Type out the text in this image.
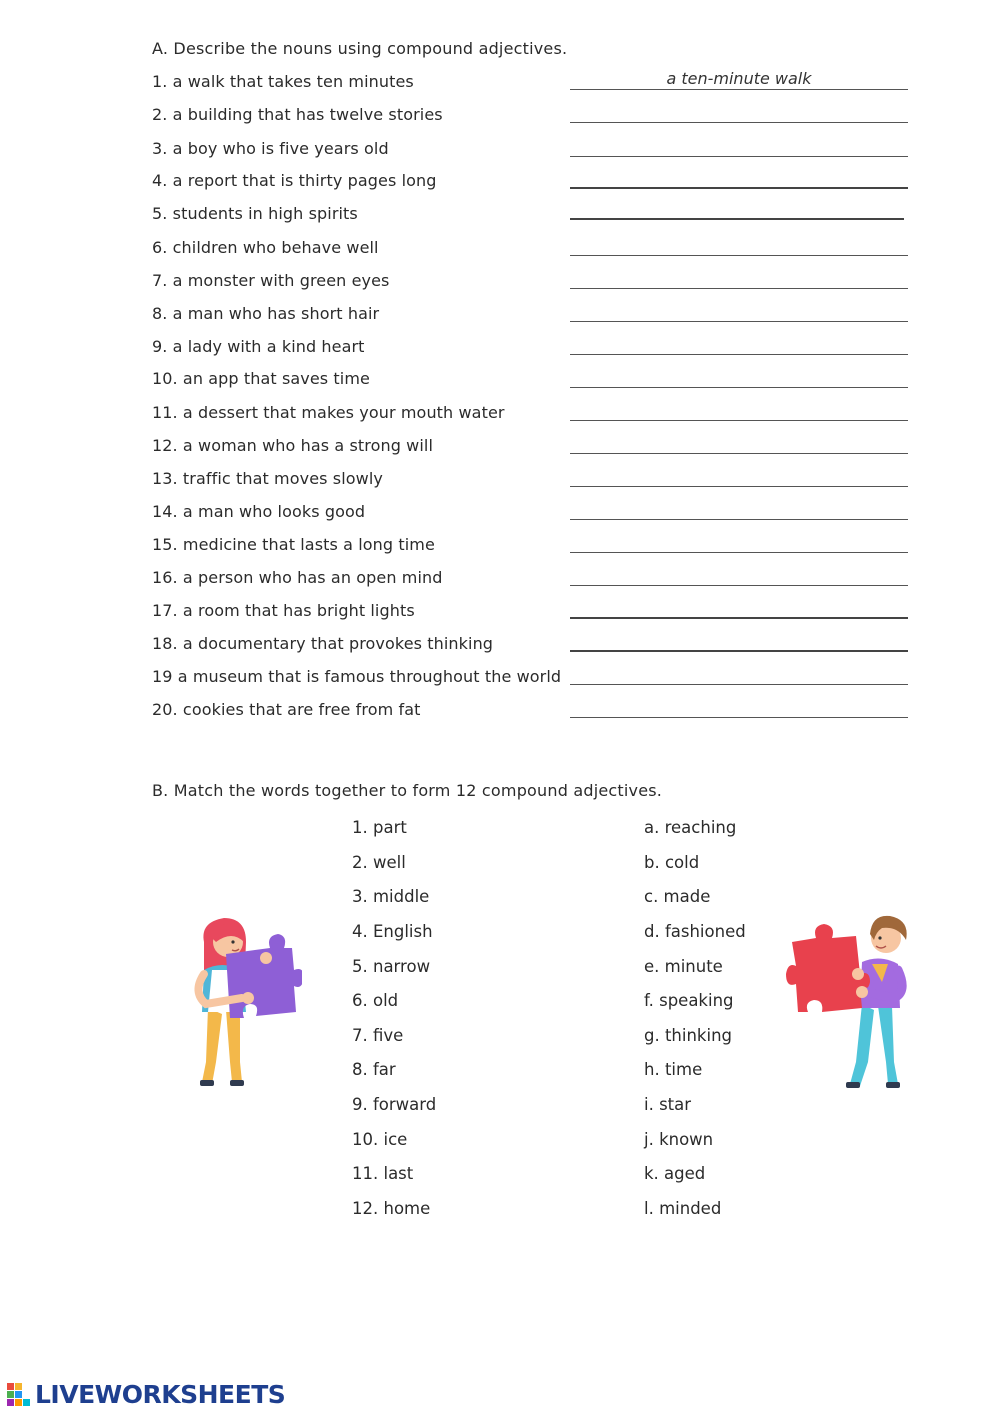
A. Describe the nouns using compound adjectives.
1. a walk that takes ten minutes	a ten-minute walk
2. a building that has twelve stories
3. a boy who is five years old
4. a report that is thirty pages long
5. students in high spirits
6. children who behave well
7. a monster with green eyes
8. a man who has short hair
9. a lady with a kind heart
10. an app that saves time
11. a dessert that makes your mouth water
12. a woman who has a strong will
13. traffic that moves slowly
14. a man who looks good
15. medicine that lasts a long time
16. a person who has an open mind
17. a room that has bright lights
18. a documentary that provokes thinking
19 a museum that is famous throughout the world
20. cookies that are free from fat
B. Match the words together to form 12 compound adjectives.
1. part
2. well
3. middle
4. English
5. narrow
6. old
7. five
8. far
9. forward
10. ice
11. last
12. home
a. reaching
b. cold
c. made
d. fashioned
e. minute
f. speaking
g. thinking
h. time
i. star
j. known
k. aged
l. minded
LIVEWORKSHEETS
